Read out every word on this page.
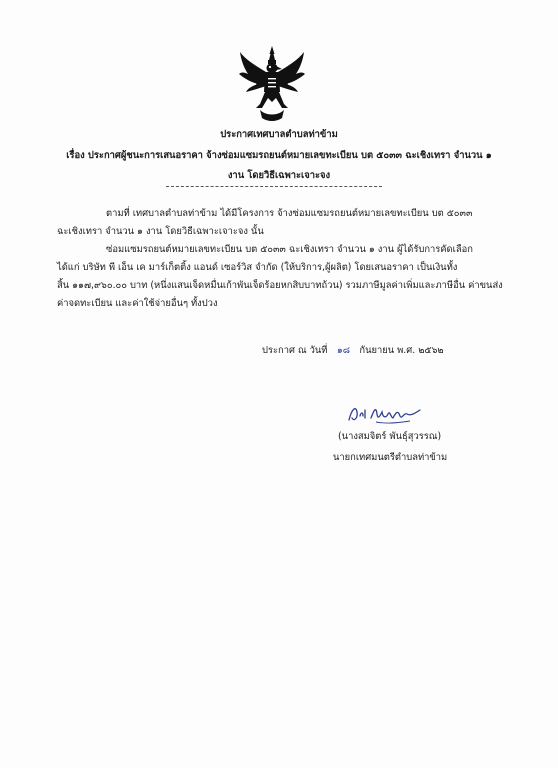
ประกาศเทศบาลตำบลท่าข้าม
เรื่อง ประกาศผู้ชนะการเสนอราคา จ้างซ่อมแซมรถยนต์หมายเลขทะเบียน บต ๕๐๓๓ ฉะเชิงเทรา จำนวน ๑
งาน โดยวิธีเฉพาะเจาะจง
ตามที่ เทศบาลตำบลท่าข้าม ได้มีโครงการ จ้างซ่อมแซมรถยนต์หมายเลขทะเบียน บต ๕๐๓๓
ฉะเชิงเทรา จำนวน ๑ งาน โดยวิธีเฉพาะเจาะจง นั้น
ซ่อมแซมรถยนต์หมายเลขทะเบียน บต ๕๐๓๓ ฉะเชิงเทรา จำนวน ๑ งาน ผู้ได้รับการคัดเลือก
ได้แก่ บริษัท พี เอ็น เค มาร์เก็ตติ้ง แอนด์ เซอร์วิส จำกัด (ให้บริการ,ผู้ผลิต) โดยเสนอราคา เป็นเงินทั้ง
สิ้น ๑๑๗,๙๖๐.๐๐ บาท (หนึ่งแสนเจ็ดหมื่นเก้าพันเจ็ดร้อยหกสิบบาทถ้วน) รวมภาษีมูลค่าเพิ่มและภาษีอื่น ค่าขนส่ง
ค่าจดทะเบียน และค่าใช้จ่ายอื่นๆ ทั้งปวง
ประกาศ ณ วันที่ ๑๘ กันยายน พ.ศ. ๒๕๖๒
(นางสมจิตร์ พันธุ์สุวรรณ)
นายกเทศมนตรีตำบลท่าข้าม
